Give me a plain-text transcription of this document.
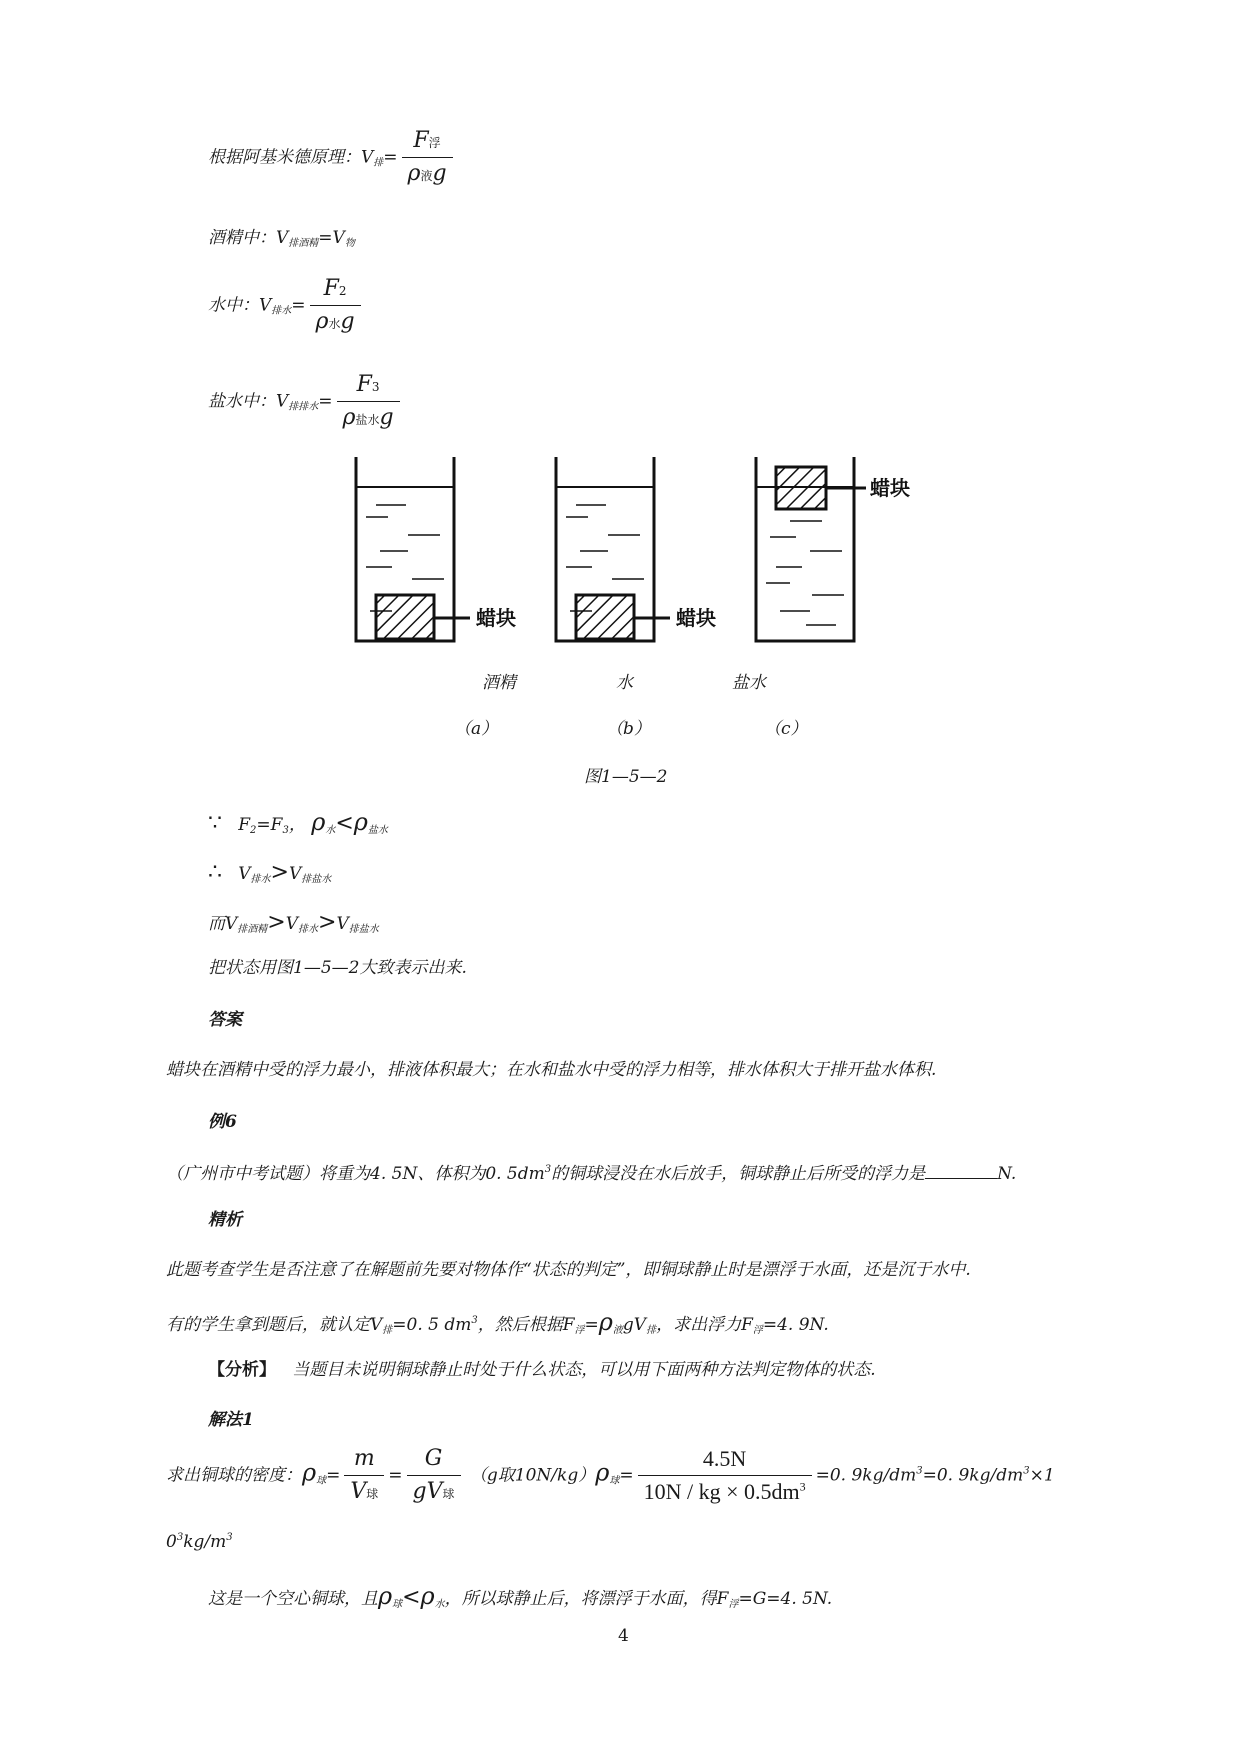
根据阿基米德原理：$V_排= \frac{\text{F浮}}{\text{ρ液g}}$
酒精中：$V_{排酒精}=V_物$
水中：$V_{排水}= \frac{F2}{\text{ρ水g}}$
盐水中：$V_{排排水}= \frac{F3}{\text{ρ盐水g}}$
蜡块	蜡块
蜡块
酒精	水	盐水
（a）	（b）	（c）
图1—5—2
∵ $F_2=F_3$， $\rho_水<\rho_{盐水}$
∴ $V_{排水}>V_{排盐水}$
而$V_{排酒精}>V_{排水}>V_{排盐水}$
把状态用图1—5—2大致表示出来.
答案
蜡块在酒精中受的浮力最小，排液体积最大；在水和盐水中受的浮力相等，排水体积大于排开盐水体积.
例6
（广州市中考试题）将重为4. 5N、体积为0. $5dm^3$的铜球浸没在水后放手，铜球静止后所受的浮力是	N.
精析
此题考查学生是否注意了在解题前先要对物体作“状态的判定”，即铜球静止时是漂浮于水面，还是沉于水中.
有的学生拿到题后，就认定$V_排=0$. 5 $dm^3$，然后根据$F_浮=\rho_液gV_排$，求出浮力$F_浮=4$. 9N.
【分析】 当题目未说明铜球静止时处于什么状态，可以用下面两种方法判定物体的状态.
解法1
求出铜球的密度：$\rho_球= \frac{m}{\text{V球}} = \frac{G}{\text{gV球}} (g$取$10N/kg)\rho_球= \frac{4.5N}{10N / kg \times 0.5dm^3} =0$. $9kg/dm^3=0$. $9kg/dm^3\times 1$
$0^3kg/m^3$
这是一个空心铜球，且$\rho_球<\rho_水$，所以球静止后，将漂浮于水面，得$F_浮=G=4$. 5N.
4
